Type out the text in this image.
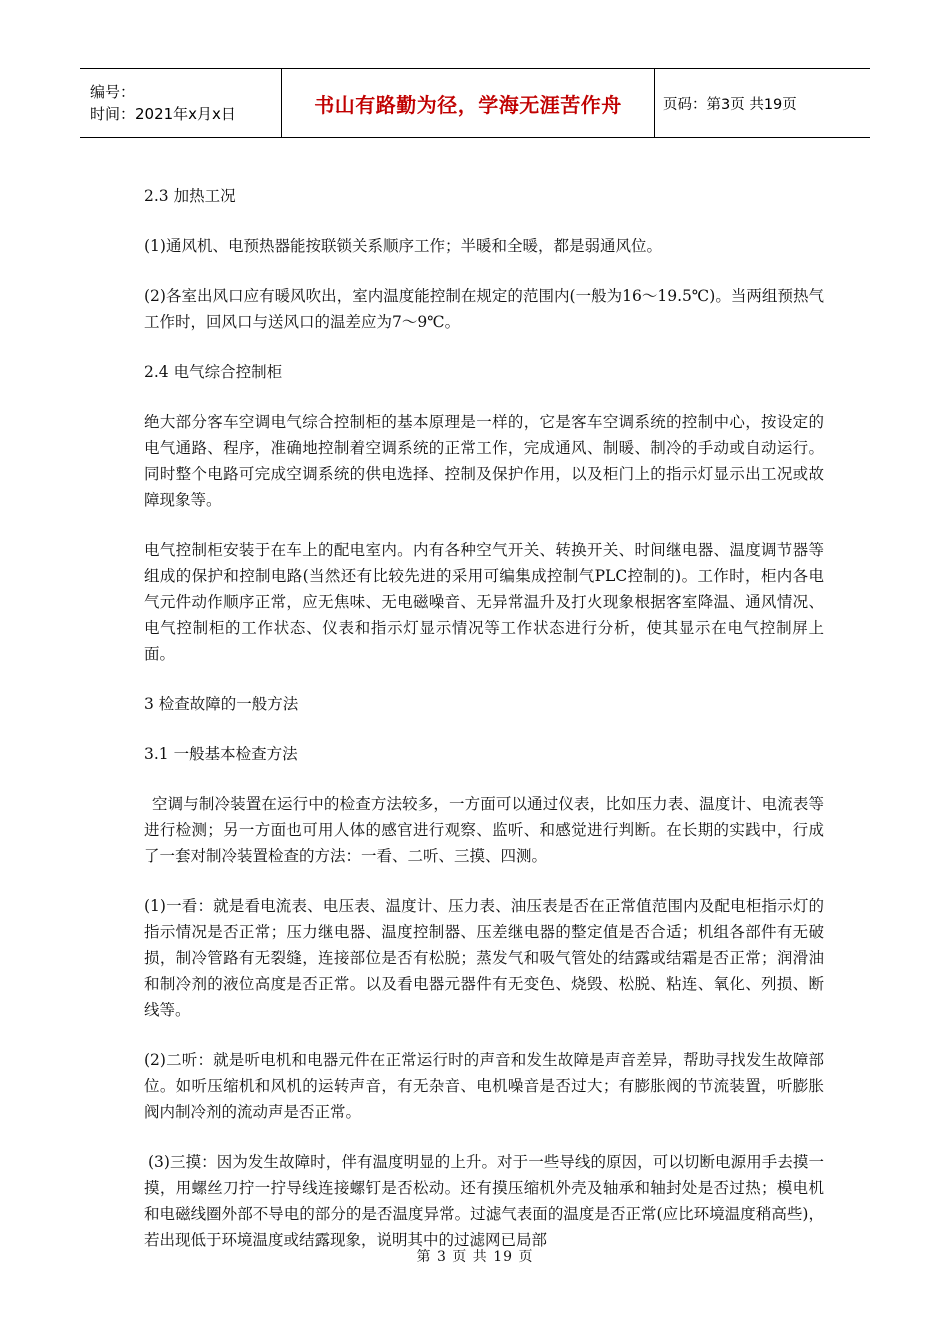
编号：
时间：2021年x月x日	书山有路勤为径，学海无涯苦作舟	页码：第3页 共19页

2.3 加热工况

(1)通风机、电预热器能按联锁关系顺序工作；半暖和全暖，都是弱通风位。

(2)各室出风口应有暖风吹出，室内温度能控制在规定的范围内(一般为16～19.5℃)。当两组预热气工作时，回风口与送风口的温差应为7～9℃。

2.4 电气综合控制柜

绝大部分客车空调电气综合控制柜的基本原理是一样的，它是客车空调系统的控制中心，按设定的电气通路、程序，准确地控制着空调系统的正常工作，完成通风、制暖、制冷的手动或自动运行。同时整个电路可完成空调系统的供电选择、控制及保护作用，以及柜门上的指示灯显示出工况或故障现象等。

电气控制柜安装于在车上的配电室内。内有各种空气开关、转换开关、时间继电器、温度调节器等组成的保护和控制电路(当然还有比较先进的采用可编集成控制气PLC控制的)。工作时，柜内各电气元件动作顺序正常，应无焦味、无电磁噪音、无异常温升及打火现象根据客室降温、通风情况、电气控制柜的工作状态、仪表和指示灯显示情况等工作状态进行分析，使其显示在电气控制屏上面。

3 检查故障的一般方法

3.1 一般基本检查方法

空调与制冷装置在运行中的检查方法较多，一方面可以通过仪表，比如压力表、温度计、电流表等进行检测；另一方面也可用人体的感官进行观察、监听、和感觉进行判断。在长期的实践中，行成了一套对制冷装置检查的方法：一看、二听、三摸、四测。

(1)一看：就是看电流表、电压表、温度计、压力表、油压表是否在正常值范围内及配电柜指示灯的指示情况是否正常；压力继电器、温度控制器、压差继电器的整定值是否合适；机组各部件有无破损，制冷管路有无裂缝，连接部位是否有松脱；蒸发气和吸气管处的结露或结霜是否正常；润滑油和制冷剂的液位高度是否正常。以及看电器元器件有无变色、烧毁、松脱、粘连、氧化、列损、断线等。

(2)二听：就是听电机和电器元件在正常运行时的声音和发生故障是声音差异，帮助寻找发生故障部位。如听压缩机和风机的运转声音，有无杂音、电机噪音是否过大；有膨胀阀的节流装置，听膨胀阀内制冷剂的流动声是否正常。

(3)三摸：因为发生故障时，伴有温度明显的上升。对于一些导线的原因，可以切断电源用手去摸一摸，用螺丝刀拧一拧导线连接螺钉是否松动。还有摸压缩机外壳及轴承和轴封处是否过热；模电机和电磁线圈外部不导电的部分的是否温度异常。过滤气表面的温度是否正常(应比环境温度稍高些)，若出现低于环境温度或结露现象，说明其中的过滤网已局部

第 3 页 共 19 页
